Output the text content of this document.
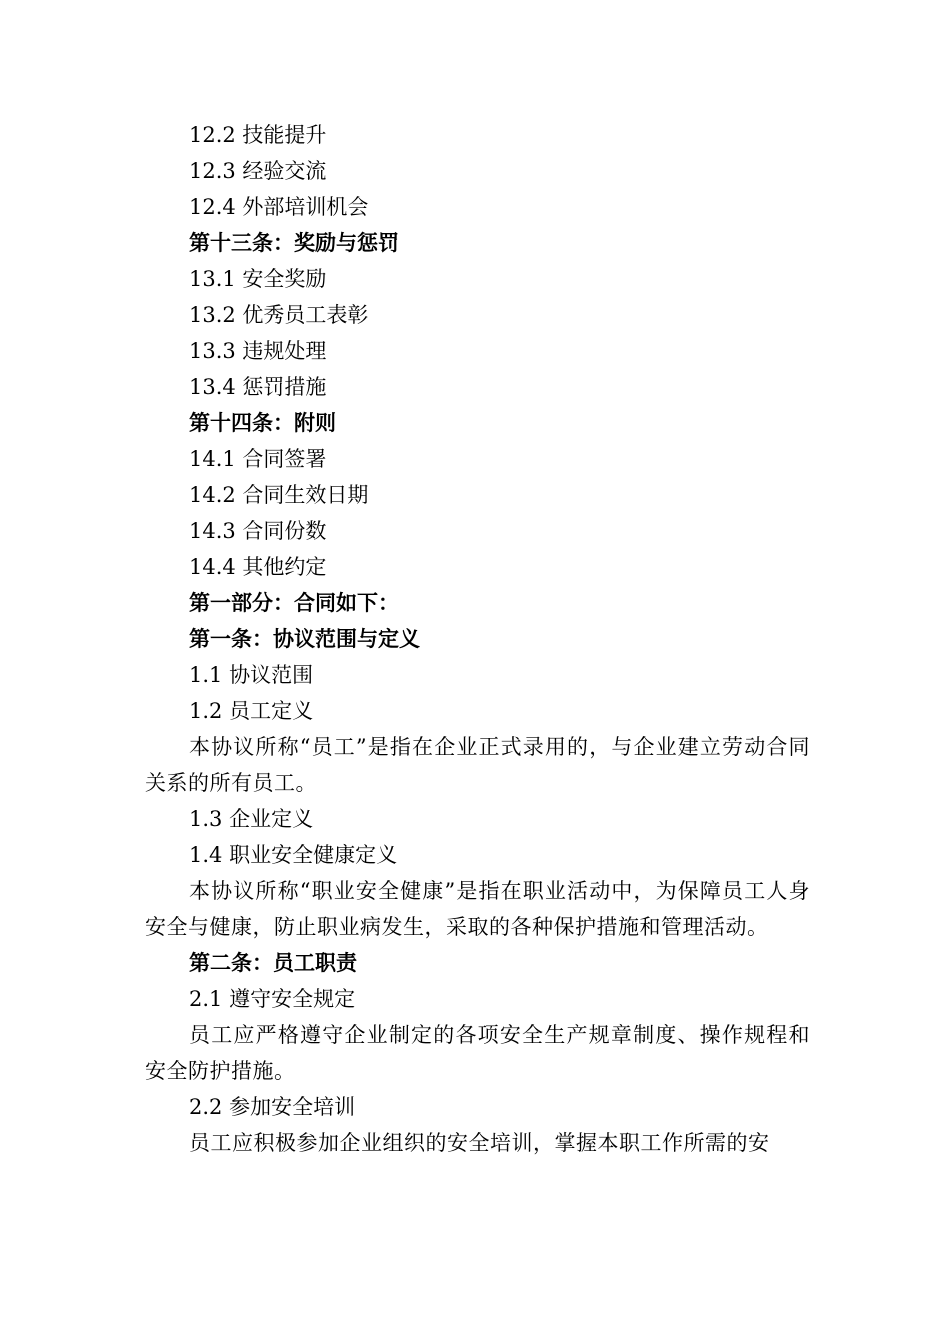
12.2 技能提升
12.3 经验交流
12.4 外部培训机会
第十三条：奖励与惩罚
13.1 安全奖励
13.2 优秀员工表彰
13.3 违规处理
13.4 惩罚措施
第十四条：附则
14.1 合同签署
14.2 合同生效日期
14.3 合同份数
14.4 其他约定
第一部分：合同如下：
第一条：协议范围与定义
1.1 协议范围
1.2 员工定义
本协议所称“员工”是指在企业正式录用的，与企业建立劳动合同关系的所有员工。
1.3 企业定义
1.4 职业安全健康定义
本协议所称“职业安全健康”是指在职业活动中，为保障员工人身安全与健康，防止职业病发生，采取的各种保护措施和管理活动。
第二条：员工职责
2.1 遵守安全规定
员工应严格遵守企业制定的各项安全生产规章制度、操作规程和安全防护措施。
2.2 参加安全培训
员工应积极参加企业组织的安全培训，掌握本职工作所需的安
